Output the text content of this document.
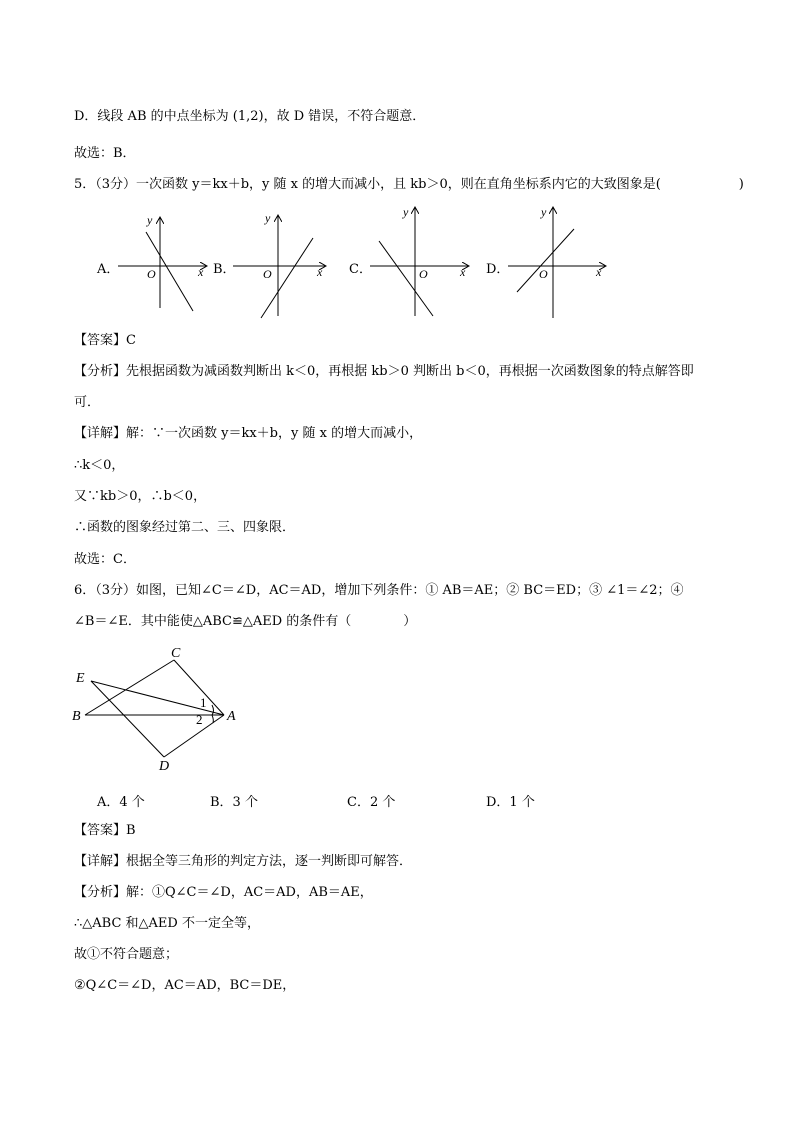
D．线段 AB 的中点坐标为 (1,2)，故 D 错误，不符合题意．
故选：B．
5．（3分）一次函数 y＝kx＋b，y 随 x 的增大而减小，且 kb＞0，则在直角坐标系内它的大致图象是(　　　　　　)
A．	B．	C．	D．
x
y
O	x
y
O	x
y
O	x
y
O
【答案】C
【分析】先根据函数为减函数判断出 k＜0，再根据 kb＞0 判断出 b＜0，再根据一次函数图象的特点解答即
可．
【详解】解：∵一次函数 y＝kx＋b，y 随 x 的增大而减小，
∴k＜0，
又∵kb＞0，∴b＜0，
∴函数的图象经过第二、三、四象限．
故选：C．
6．（3分）如图，已知∠C＝∠D，AC＝AD，增加下列条件：① AB＝AE；② BC＝ED；③ ∠1＝∠2；④
∠B＝∠E．其中能使△ABC≌△AED 的条件有（　　　　）
C
E
B	A
D
1
2
A．4 个	B．3 个	C．2 个	D．1 个
【答案】B
【详解】根据全等三角形的判定方法，逐一判断即可解答．
【分析】解：①Q∠C＝∠D，AC＝AD，AB＝AE，
∴△ABC 和△AED 不一定全等，
故①不符合题意；
②Q∠C＝∠D，AC＝AD，BC＝DE，
